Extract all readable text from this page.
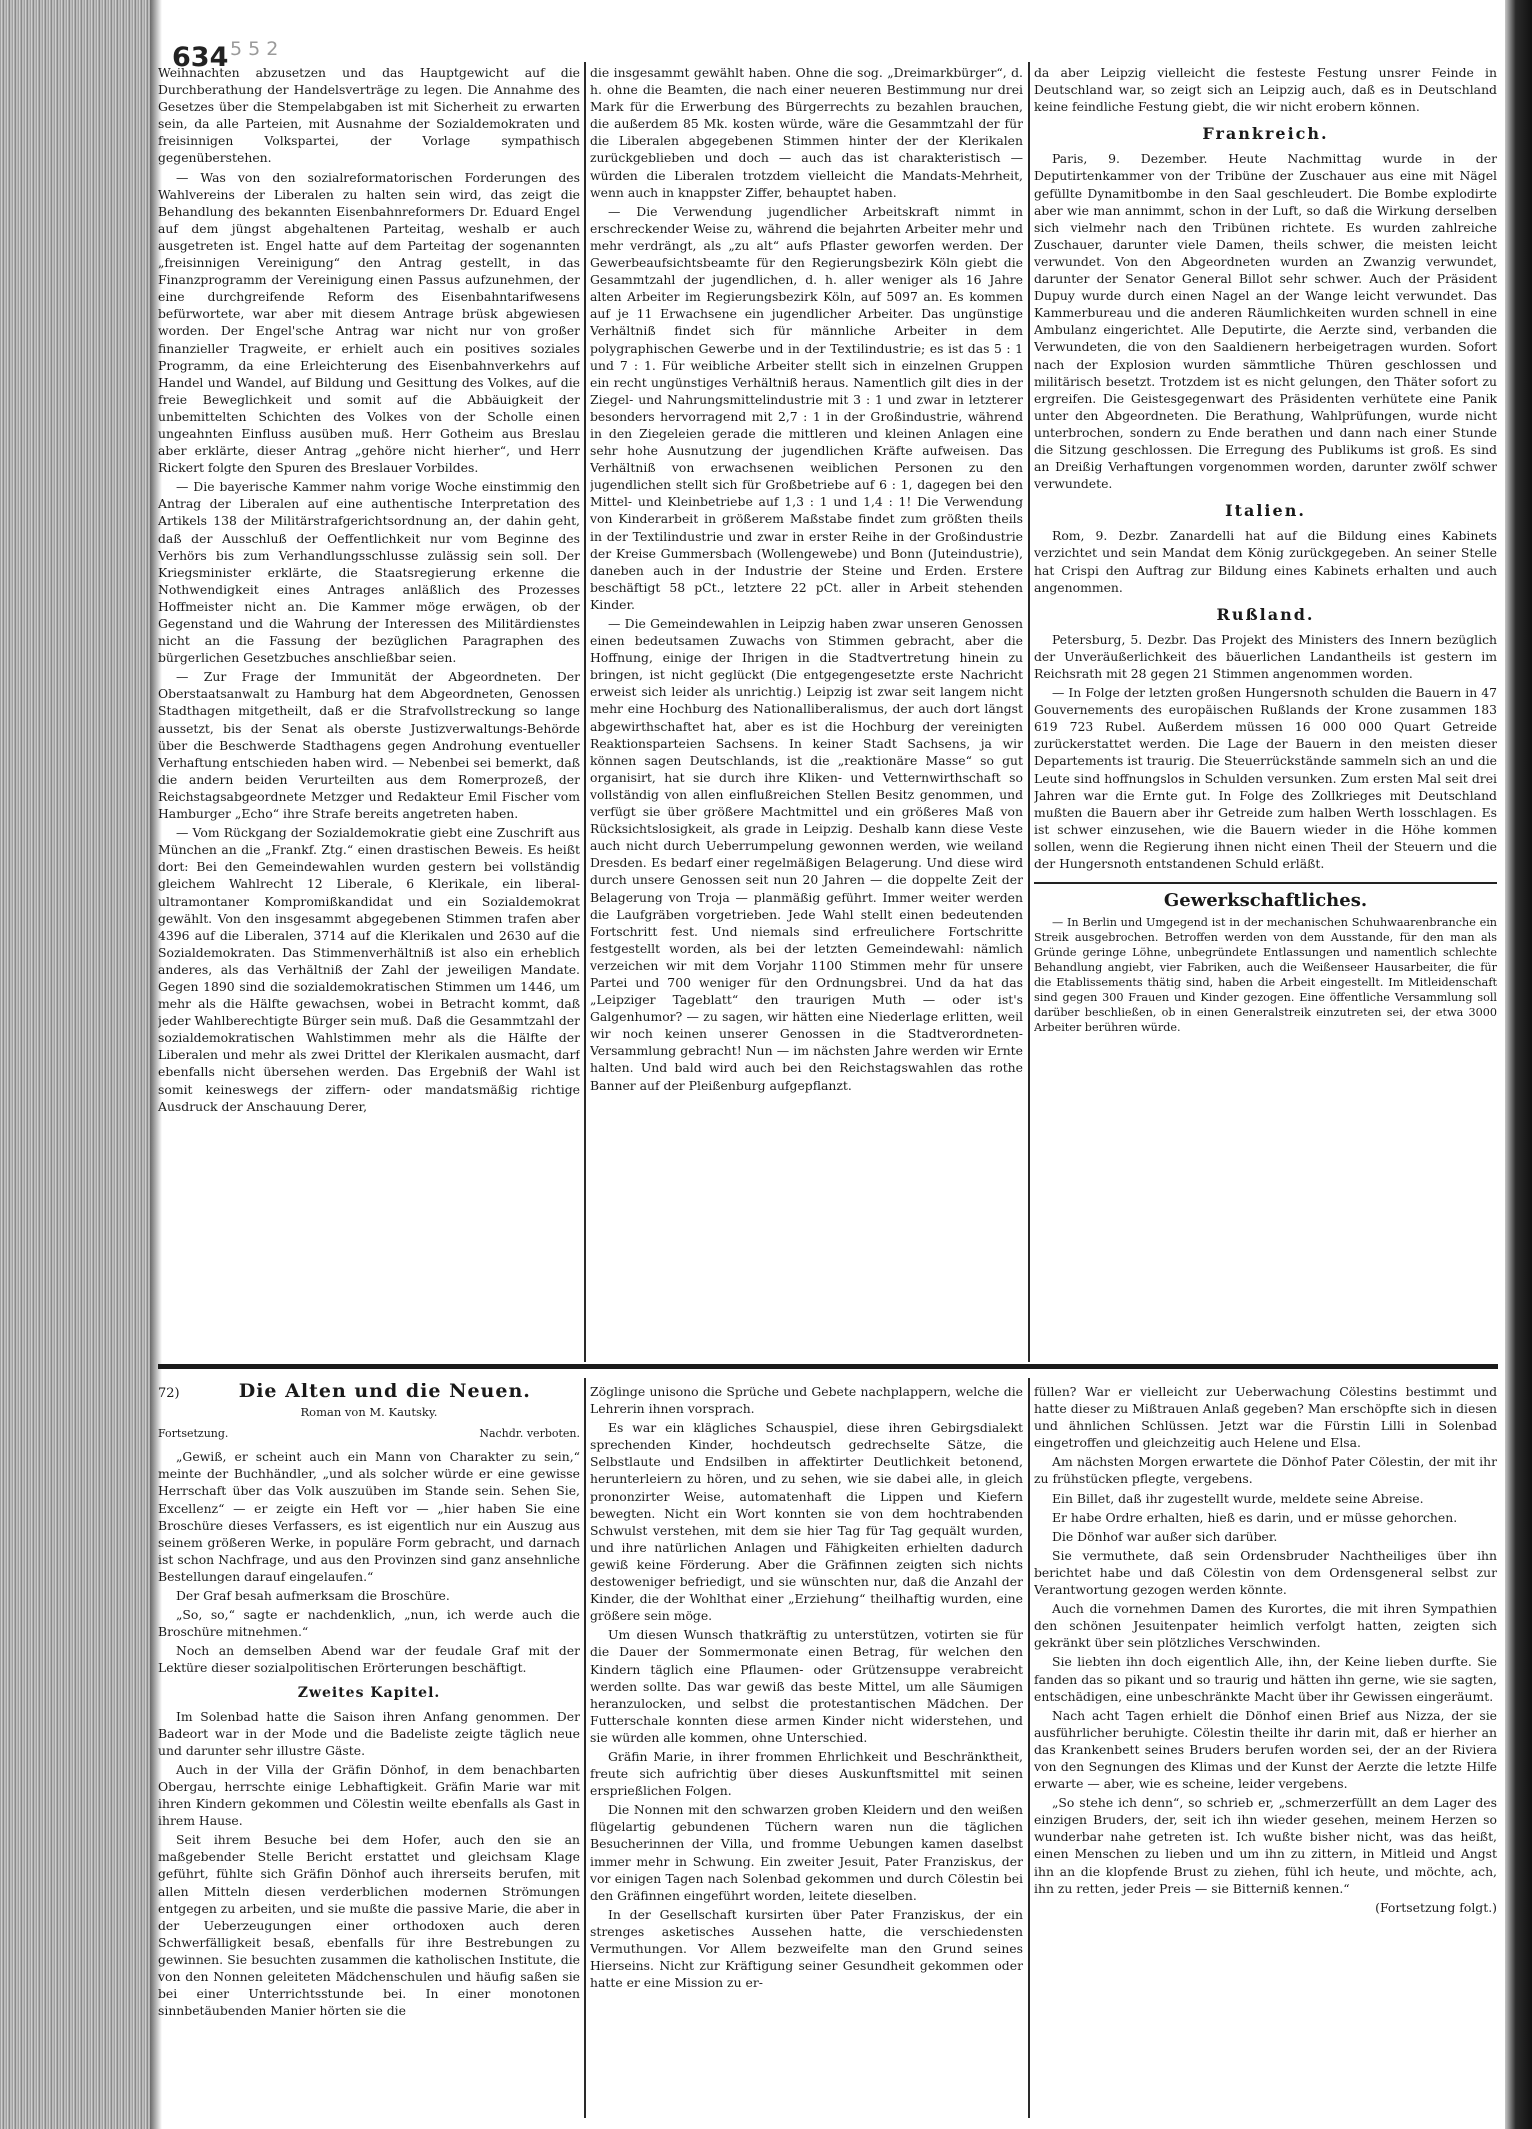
634 5 5 2

Weihnachten abzusetzen und das Hauptgewicht auf die Durchberathung der Handelsverträge zu legen. Die Annahme des Gesetzes über die Stempelabgaben ist mit Sicherheit zu erwarten sein, da alle Parteien, mit Ausnahme der Sozialdemokraten und freisinnigen Volkspartei, der Vorlage sympathisch gegenüberstehen.

— Was von den sozialreformatorischen Forderungen des Wahlvereins der Liberalen zu halten sein wird, das zeigt die Behandlung des bekannten Eisenbahnreformers Dr. Eduard Engel auf dem jüngst abgehaltenen Parteitag, weshalb er auch ausgetreten ist. Engel hatte auf dem Parteitag der sogenannten „freisinnigen Vereinigung“ den Antrag gestellt, in das Finanzprogramm der Vereinigung einen Passus aufzunehmen, der eine durchgreifende Reform des Eisenbahntarifwesens befürwortete, war aber mit diesem Antrage brüsk abgewiesen worden. Der Engel'sche Antrag war nicht nur von großer finanzieller Tragweite, er erhielt auch ein positives soziales Programm, da eine Erleichterung des Eisenbahnverkehrs auf Handel und Wandel, auf Bildung und Gesittung des Volkes, auf die freie Beweglichkeit und somit auf die Abbäuigkeit der unbemittelten Schichten des Volkes von der Scholle einen ungeahnten Einfluss ausüben muß. Herr Gotheim aus Breslau aber erklärte, dieser Antrag „gehöre nicht hierher“, und Herr Rickert folgte den Spuren des Breslauer Vorbildes.

— Die bayerische Kammer nahm vorige Woche einstimmig den Antrag der Liberalen auf eine authentische Interpretation des Artikels 138 der Militärstrafgerichtsordnung an, der dahin geht, daß der Ausschluß der Oeffentlichkeit nur vom Beginne des Verhörs bis zum Verhandlungsschlusse zulässig sein soll. Der Kriegsminister erklärte, die Staatsregierung erkenne die Nothwendigkeit eines Antrages anläßlich des Prozesses Hoffmeister nicht an. Die Kammer möge erwägen, ob der Gegenstand und die Wahrung der Interessen des Militärdienstes nicht an die Fassung der bezüglichen Paragraphen des bürgerlichen Gesetzbuches anschließbar seien.

— Zur Frage der Immunität der Abgeordneten. Der Oberstaatsanwalt zu Hamburg hat dem Abgeordneten, Genossen Stadthagen mitgetheilt, daß er die Strafvollstreckung so lange aussetzt, bis der Senat als oberste Justizverwaltungs-Behörde über die Beschwerde Stadthagens gegen Androhung eventueller Verhaftung entschieden haben wird. — Nebenbei sei bemerkt, daß die andern beiden Verurteilten aus dem Romerprozeß, der Reichstagsabgeordnete Metzger und Redakteur Emil Fischer vom Hamburger „Echo“ ihre Strafe bereits angetreten haben.

— Vom Rückgang der Sozialdemokratie giebt eine Zuschrift aus München an die „Frankf. Ztg.“ einen drastischen Beweis. Es heißt dort: Bei den Gemeindewahlen wurden gestern bei vollständig gleichem Wahlrecht 12 Liberale, 6 Klerikale, ein liberal-ultramontaner Kompromißkandidat und ein Sozialdemokrat gewählt. Von den insgesammt abgegebenen Stimmen trafen aber 4396 auf die Liberalen, 3714 auf die Klerikalen und 2630 auf die Sozialdemokraten. Das Stimmenverhältniß ist also ein erheblich anderes, als das Verhältniß der Zahl der jeweiligen Mandate. Gegen 1890 sind die sozialdemokratischen Stimmen um 1446, um mehr als die Hälfte gewachsen, wobei in Betracht kommt, daß jeder Wahlberechtigte Bürger sein muß. Daß die Gesammtzahl der sozialdemokratischen Wahlstimmen mehr als die Hälfte der Liberalen und mehr als zwei Drittel der Klerikalen ausmacht, darf ebenfalls nicht übersehen werden. Das Ergebniß der Wahl ist somit keineswegs der ziffern- oder mandatsmäßig richtige Ausdruck der Anschauung Derer,

die insgesammt gewählt haben. Ohne die sog. „Dreimarkbürger“, d. h. ohne die Beamten, die nach einer neueren Bestimmung nur drei Mark für die Erwerbung des Bürgerrechts zu bezahlen brauchen, die außerdem 85 Mk. kosten würde, wäre die Gesammtzahl der für die Liberalen abgegebenen Stimmen hinter der der Klerikalen zurückgeblieben und doch — auch das ist charakteristisch — würden die Liberalen trotzdem vielleicht die Mandats-Mehrheit, wenn auch in knappster Ziffer, behauptet haben.

— Die Verwendung jugendlicher Arbeitskraft nimmt in erschreckender Weise zu, während die bejahrten Arbeiter mehr und mehr verdrängt, als „zu alt“ aufs Pflaster geworfen werden. Der Gewerbeaufsichtsbeamte für den Regierungsbezirk Köln giebt die Gesammtzahl der jugendlichen, d. h. aller weniger als 16 Jahre alten Arbeiter im Regierungsbezirk Köln, auf 5097 an. Es kommen auf je 11 Erwachsene ein jugendlicher Arbeiter. Das ungünstige Verhältniß findet sich für männliche Arbeiter in dem polygraphischen Gewerbe und in der Textilindustrie; es ist das 5 : 1 und 7 : 1. Für weibliche Arbeiter stellt sich in einzelnen Gruppen ein recht ungünstiges Verhältniß heraus. Namentlich gilt dies in der Ziegel- und Nahrungsmittelindustrie mit 3 : 1 und zwar in letzterer besonders hervorragend mit 2,7 : 1 in der Großindustrie, während in den Ziegeleien gerade die mittleren und kleinen Anlagen eine sehr hohe Ausnutzung der jugendlichen Kräfte aufweisen. Das Verhältniß von erwachsenen weiblichen Personen zu den jugendlichen stellt sich für Großbetriebe auf 6 : 1, dagegen bei den Mittel- und Kleinbetriebe auf 1,3 : 1 und 1,4 : 1! Die Verwendung von Kinderarbeit in größerem Maßstabe findet zum größten theils in der Textilindustrie und zwar in erster Reihe in der Großindustrie der Kreise Gummersbach (Wollengewebe) und Bonn (Juteindustrie), daneben auch in der Industrie der Steine und Erden. Erstere beschäftigt 58 pCt., letztere 22 pCt. aller in Arbeit stehenden Kinder.

— Die Gemeindewahlen in Leipzig haben zwar unseren Genossen einen bedeutsamen Zuwachs von Stimmen gebracht, aber die Hoffnung, einige der Ihrigen in die Stadtvertretung hinein zu bringen, ist nicht geglückt (Die entgegengesetzte erste Nachricht erweist sich leider als unrichtig.) Leipzig ist zwar seit langem nicht mehr eine Hochburg des Nationalliberalismus, der auch dort längst abgewirthschaftet hat, aber es ist die Hochburg der vereinigten Reaktionsparteien Sachsens. In keiner Stadt Sachsens, ja wir können sagen Deutschlands, ist die „reaktionäre Masse“ so gut organisirt, hat sie durch ihre Kliken- und Vetternwirthschaft so vollständig von allen einflußreichen Stellen Besitz genommen, und verfügt sie über größere Machtmittel und ein größeres Maß von Rücksichtslosigkeit, als grade in Leipzig. Deshalb kann diese Veste auch nicht durch Ueberrumpelung gewonnen werden, wie weiland Dresden. Es bedarf einer regelmäßigen Belagerung. Und diese wird durch unsere Genossen seit nun 20 Jahren — die doppelte Zeit der Belagerung von Troja — planmäßig geführt. Immer weiter werden die Laufgräben vorgetrieben. Jede Wahl stellt einen bedeutenden Fortschritt fest. Und niemals sind erfreulichere Fortschritte festgestellt worden, als bei der letzten Gemeindewahl: nämlich verzeichen wir mit dem Vorjahr 1100 Stimmen mehr für unsere Partei und 700 weniger für den Ordnungsbrei. Und da hat das „Leipziger Tageblatt“ den traurigen Muth — oder ist's Galgenhumor? — zu sagen, wir hätten eine Niederlage erlitten, weil wir noch keinen unserer Genossen in die Stadtverordneten-Versammlung gebracht! Nun — im nächsten Jahre werden wir Ernte halten. Und bald wird auch bei den Reichstagswahlen das rothe Banner auf der Pleißenburg aufgepflanzt.

da aber Leipzig vielleicht die festeste Festung unsrer Feinde in Deutschland war, so zeigt sich an Leipzig auch, daß es in Deutschland keine feindliche Festung giebt, die wir nicht erobern können.

Frankreich.

Paris, 9. Dezember. Heute Nachmittag wurde in der Deputirtenkammer von der Tribüne der Zuschauer aus eine mit Nägel gefüllte Dynamitbombe in den Saal geschleudert. Die Bombe explodirte aber wie man annimmt, schon in der Luft, so daß die Wirkung derselben sich vielmehr nach den Tribünen richtete. Es wurden zahlreiche Zuschauer, darunter viele Damen, theils schwer, die meisten leicht verwundet. Von den Abgeordneten wurden an Zwanzig verwundet, darunter der Senator General Billot sehr schwer. Auch der Präsident Dupuy wurde durch einen Nagel an der Wange leicht verwundet. Das Kammerbureau und die anderen Räumlichkeiten wurden schnell in eine Ambulanz eingerichtet. Alle Deputirte, die Aerzte sind, verbanden die Verwundeten, die von den Saaldienern herbeigetragen wurden. Sofort nach der Explosion wurden sämmtliche Thüren geschlossen und militärisch besetzt. Trotzdem ist es nicht gelungen, den Thäter sofort zu ergreifen. Die Geistesgegenwart des Präsidenten verhütete eine Panik unter den Abgeordneten. Die Berathung, Wahlprüfungen, wurde nicht unterbrochen, sondern zu Ende berathen und dann nach einer Stunde die Sitzung geschlossen. Die Erregung des Publikums ist groß. Es sind an Dreißig Verhaftungen vorgenommen worden, darunter zwölf schwer verwundete.

Italien.

Rom, 9. Dezbr. Zanardelli hat auf die Bildung eines Kabinets verzichtet und sein Mandat dem König zurückgegeben. An seiner Stelle hat Crispi den Auftrag zur Bildung eines Kabinets erhalten und auch angenommen.

Rußland.

Petersburg, 5. Dezbr. Das Projekt des Ministers des Innern bezüglich der Unveräußerlichkeit des bäuerlichen Landantheils ist gestern im Reichsrath mit 28 gegen 21 Stimmen angenommen worden.

— In Folge der letzten großen Hungersnoth schulden die Bauern in 47 Gouvernements des europäischen Rußlands der Krone zusammen 183 619 723 Rubel. Außerdem müssen 16 000 000 Quart Getreide zurückerstattet werden. Die Lage der Bauern in den meisten dieser Departements ist traurig. Die Steuerrückstände sammeln sich an und die Leute sind hoffnungslos in Schulden versunken. Zum ersten Mal seit drei Jahren war die Ernte gut. In Folge des Zollkrieges mit Deutschland mußten die Bauern aber ihr Getreide zum halben Werth losschlagen. Es ist schwer einzusehen, wie die Bauern wieder in die Höhe kommen sollen, wenn die Regierung ihnen nicht einen Theil der Steuern und die der Hungersnoth entstandenen Schuld erläßt.

Gewerkschaftliches.

— In Berlin und Umgegend ist in der mechanischen Schuhwaarenbranche ein Streik ausgebrochen. Betroffen werden von dem Ausstande, für den man als Gründe geringe Löhne, unbegründete Entlassungen und namentlich schlechte Behandlung angiebt, vier Fabriken, auch die Weißenseer Hausarbeiter, die für die Etablissements thätig sind, haben die Arbeit eingestellt. Im Mitleidenschaft sind gegen 300 Frauen und Kinder gezogen. Eine öffentliche Versammlung soll darüber beschließen, ob in einen Generalstreik einzutreten sei, der etwa 3000 Arbeiter berühren würde.

72)	Die Alten und die Neuen.
Roman von M. Kautsky.
Fortsetzung.	Nachdr. verboten.

„Gewiß, er scheint auch ein Mann von Charakter zu sein,“ meinte der Buchhändler, „und als solcher würde er eine gewisse Herrschaft über das Volk auszuüben im Stande sein. Sehen Sie, Excellenz“ — er zeigte ein Heft vor — „hier haben Sie eine Broschüre dieses Verfassers, es ist eigentlich nur ein Auszug aus seinem größeren Werke, in populäre Form gebracht, und darnach ist schon Nachfrage, und aus den Provinzen sind ganz ansehnliche Bestellungen darauf eingelaufen.“

Der Graf besah aufmerksam die Broschüre.

„So, so,“ sagte er nachdenklich, „nun, ich werde auch die Broschüre mitnehmen.“

Noch an demselben Abend war der feudale Graf mit der Lektüre dieser sozialpolitischen Erörterungen beschäftigt.

Zweites Kapitel.

Im Solenbad hatte die Saison ihren Anfang genommen. Der Badeort war in der Mode und die Badeliste zeigte täglich neue und darunter sehr illustre Gäste.

Auch in der Villa der Gräfin Dönhof, in dem benachbarten Obergau, herrschte einige Lebhaftigkeit. Gräfin Marie war mit ihren Kindern gekommen und Cölestin weilte ebenfalls als Gast in ihrem Hause.

Seit ihrem Besuche bei dem Hofer, auch den sie an maßgebender Stelle Bericht erstattet und gleichsam Klage geführt, fühlte sich Gräfin Dönhof auch ihrerseits berufen, mit allen Mitteln diesen verderblichen modernen Strömungen entgegen zu arbeiten, und sie mußte die passive Marie, die aber in der Ueberzeugungen einer orthodoxen auch deren Schwerfälligkeit besaß, ebenfalls für ihre Bestrebungen zu gewinnen. Sie besuchten zusammen die katholischen Institute, die von den Nonnen geleiteten Mädchenschulen und häufig saßen sie bei einer Unterrichtsstunde bei. In einer monotonen sinnbetäubenden Manier hörten sie die

Zöglinge unisono die Sprüche und Gebete nachplappern, welche die Lehrerin ihnen vorsprach.

Es war ein klägliches Schauspiel, diese ihren Gebirgsdialekt sprechenden Kinder, hochdeutsch gedrechselte Sätze, die Selbstlaute und Endsilben in affektirter Deutlichkeit betonend, herunterleiern zu hören, und zu sehen, wie sie dabei alle, in gleich prononzirter Weise, automatenhaft die Lippen und Kiefern bewegten. Nicht ein Wort konnten sie von dem hochtrabenden Schwulst verstehen, mit dem sie hier Tag für Tag gequält wurden, und ihre natürlichen Anlagen und Fähigkeiten erhielten dadurch gewiß keine Förderung. Aber die Gräfinnen zeigten sich nichts destoweniger befriedigt, und sie wünschten nur, daß die Anzahl der Kinder, die der Wohlthat einer „Erziehung“ theilhaftig wurden, eine größere sein möge.

Um diesen Wunsch thatkräftig zu unterstützen, votirten sie für die Dauer der Sommermonate einen Betrag, für welchen den Kindern täglich eine Pflaumen- oder Grützensuppe verabreicht werden sollte. Das war gewiß das beste Mittel, um alle Säumigen heranzulocken, und selbst die protestantischen Mädchen. Der Futterschale konnten diese armen Kinder nicht widerstehen, und sie würden alle kommen, ohne Unterschied.

Gräfin Marie, in ihrer frommen Ehrlichkeit und Beschränktheit, freute sich aufrichtig über dieses Auskunftsmittel mit seinen ersprießlichen Folgen.

Die Nonnen mit den schwarzen groben Kleidern und den weißen flügelartig gebundenen Tüchern waren nun die täglichen Besucherinnen der Villa, und fromme Uebungen kamen daselbst immer mehr in Schwung. Ein zweiter Jesuit, Pater Franziskus, der vor einigen Tagen nach Solenbad gekommen und durch Cölestin bei den Gräfinnen eingeführt worden, leitete dieselben.

In der Gesellschaft kursirten über Pater Franziskus, der ein strenges asketisches Aussehen hatte, die verschiedensten Vermuthungen. Vor Allem bezweifelte man den Grund seines Hierseins. Nicht zur Kräftigung seiner Gesundheit gekommen oder hatte er eine Mission zu er-

füllen? War er vielleicht zur Ueberwachung Cölestins bestimmt und hatte dieser zu Mißtrauen Anlaß gegeben? Man erschöpfte sich in diesen und ähnlichen Schlüssen. Jetzt war die Fürstin Lilli in Solenbad eingetroffen und gleichzeitig auch Helene und Elsa.

Am nächsten Morgen erwartete die Dönhof Pater Cölestin, der mit ihr zu frühstücken pflegte, vergebens.

Ein Billet, daß ihr zugestellt wurde, meldete seine Abreise.

Er habe Ordre erhalten, hieß es darin, und er müsse gehorchen.

Die Dönhof war außer sich darüber.

Sie vermuthete, daß sein Ordensbruder Nachtheiliges über ihn berichtet habe und daß Cölestin von dem Ordensgeneral selbst zur Verantwortung gezogen werden könnte.

Auch die vornehmen Damen des Kurortes, die mit ihren Sympathien den schönen Jesuitenpater heimlich verfolgt hatten, zeigten sich gekränkt über sein plötzliches Verschwinden.

Sie liebten ihn doch eigentlich Alle, ihn, der Keine lieben durfte. Sie fanden das so pikant und so traurig und hätten ihn gerne, wie sie sagten, entschädigen, eine unbeschränkte Macht über ihr Gewissen eingeräumt.

Nach acht Tagen erhielt die Dönhof einen Brief aus Nizza, der sie ausführlicher beruhigte. Cölestin theilte ihr darin mit, daß er hierher an das Krankenbett seines Bruders berufen worden sei, der an der Riviera von den Segnungen des Klimas und der Kunst der Aerzte die letzte Hilfe erwarte — aber, wie es scheine, leider vergebens.

„So stehe ich denn“, so schrieb er, „schmerzerfüllt an dem Lager des einzigen Bruders, der, seit ich ihn wieder gesehen, meinem Herzen so wunderbar nahe getreten ist. Ich wußte bisher nicht, was das heißt, einen Menschen zu lieben und um ihn zu zittern, in Mitleid und Angst ihn an die klopfende Brust zu ziehen, fühl ich heute, und möchte, ach, ihn zu retten, jeder Preis — sie Bitterniß kennen.“

(Fortsetzung folgt.)
